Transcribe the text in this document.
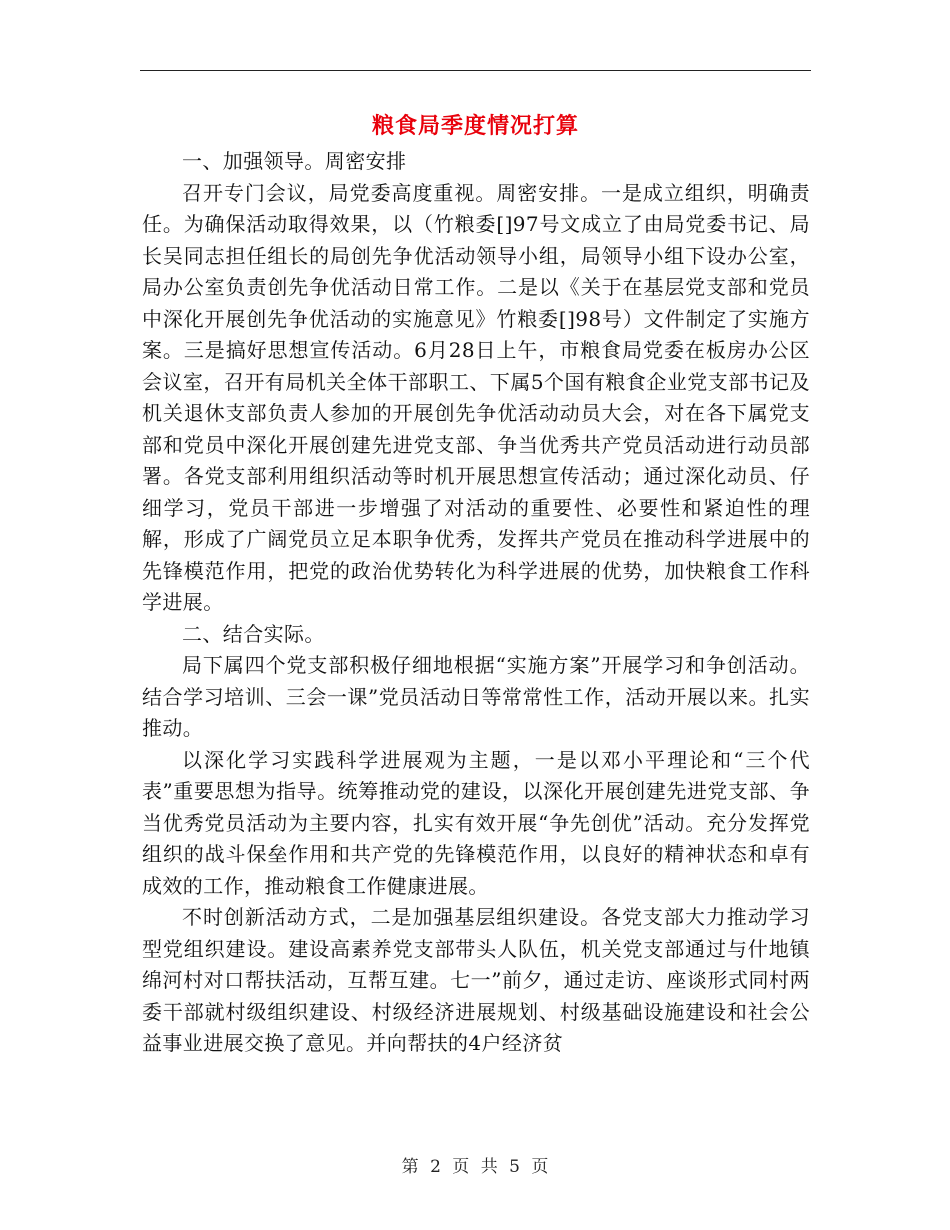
粮食局季度情况打算

一、加强领导。周密安排

召开专门会议，局党委高度重视。周密安排。一是成立组织，明确责任。为确保活动取得效果，以（竹粮委[]97号文成立了由局党委书记、局长吴同志担任组长的局创先争优活动领导小组，局领导小组下设办公室，局办公室负责创先争优活动日常工作。二是以《关于在基层党支部和党员中深化开展创先争优活动的实施意见》竹粮委[]98号）文件制定了实施方案。三是搞好思想宣传活动。6月28日上午，市粮食局党委在板房办公区会议室，召开有局机关全体干部职工、下属5个国有粮食企业党支部书记及机关退休支部负责人参加的开展创先争优活动动员大会，对在各下属党支部和党员中深化开展创建先进党支部、争当优秀共产党员活动进行动员部署。各党支部利用组织活动等时机开展思想宣传活动；通过深化动员、仔细学习，党员干部进一步增强了对活动的重要性、必要性和紧迫性的理解，形成了广阔党员立足本职争优秀，发挥共产党员在推动科学进展中的先锋模范作用，把党的政治优势转化为科学进展的优势，加快粮食工作科学进展。

二、结合实际。

局下属四个党支部积极仔细地根据“实施方案”开展学习和争创活动。结合学习培训、三会一课”党员活动日等常常性工作，活动开展以来。扎实推动。

以深化学习实践科学进展观为主题，一是以邓小平理论和“三个代表”重要思想为指导。统筹推动党的建设，以深化开展创建先进党支部、争当优秀党员活动为主要内容，扎实有效开展“争先创优”活动。充分发挥党组织的战斗保垒作用和共产党的先锋模范作用，以良好的精神状态和卓有成效的工作，推动粮食工作健康进展。

不时创新活动方式，二是加强基层组织建设。各党支部大力推动学习型党组织建设。建设高素养党支部带头人队伍，机关党支部通过与什地镇绵河村对口帮扶活动，互帮互建。七一”前夕，通过走访、座谈形式同村两委干部就村级组织建设、村级经济进展规划、村级基础设施建设和社会公益事业进展交换了意见。并向帮扶的4户经济贫

第 2 页 共 5 页
